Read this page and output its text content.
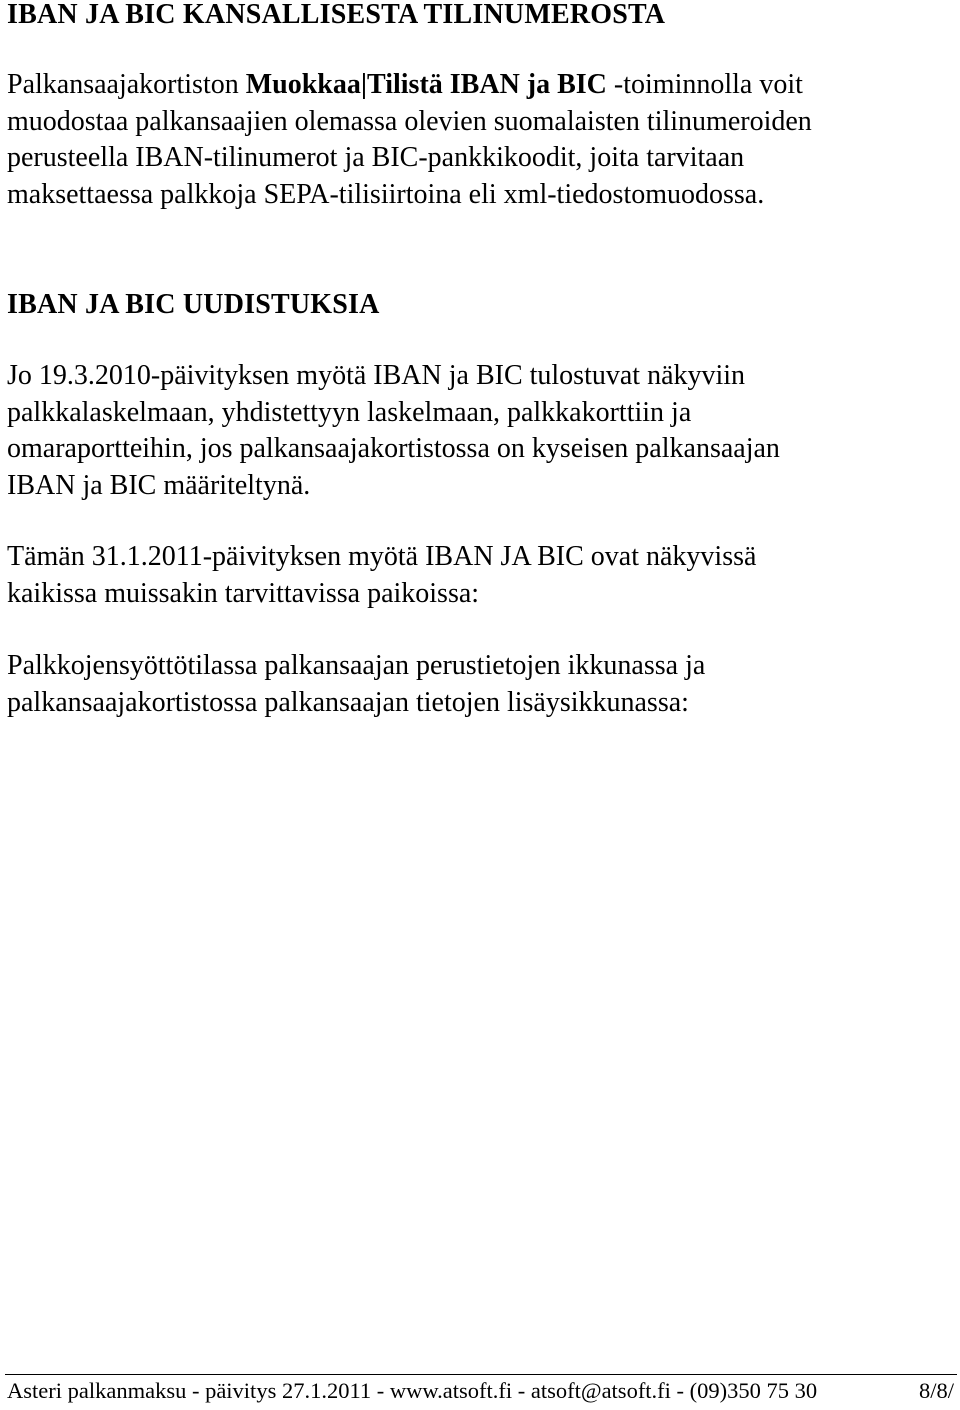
IBAN JA BIC KANSALLISESTA TILINUMEROSTA

Palkansaajakortiston Muokkaa|Tilistä IBAN ja BIC -toiminnolla voit
muodostaa palkansaajien olemassa olevien suomalaisten tilinumeroiden
perusteella IBAN-tilinumerot ja BIC-pankkikoodit, joita tarvitaan
maksettaessa palkkoja SEPA-tilisiirtoina eli xml-tiedostomuodossa.

IBAN JA BIC UUDISTUKSIA

Jo 19.3.2010-päivityksen myötä IBAN ja BIC tulostuvat näkyviin
palkkalaskelmaan, yhdistettyyn laskelmaan, palkkakorttiin ja
omaraportteihin, jos palkansaajakortistossa on kyseisen palkansaajan
IBAN ja BIC määriteltynä.

Tämän 31.1.2011-päivityksen myötä IBAN JA BIC ovat näkyvissä
kaikissa muissakin tarvittavissa paikoissa:

Palkkojensyöttötilassa palkansaajan perustietojen ikkunassa ja
palkansaajakortistossa palkansaajan tietojen lisäysikkunassa:

Asteri palkanmaksu - päivitys 27.1.2011 - www.atsoft.fi - atsoft@atsoft.fi - (09)350 75 30	8/8/
